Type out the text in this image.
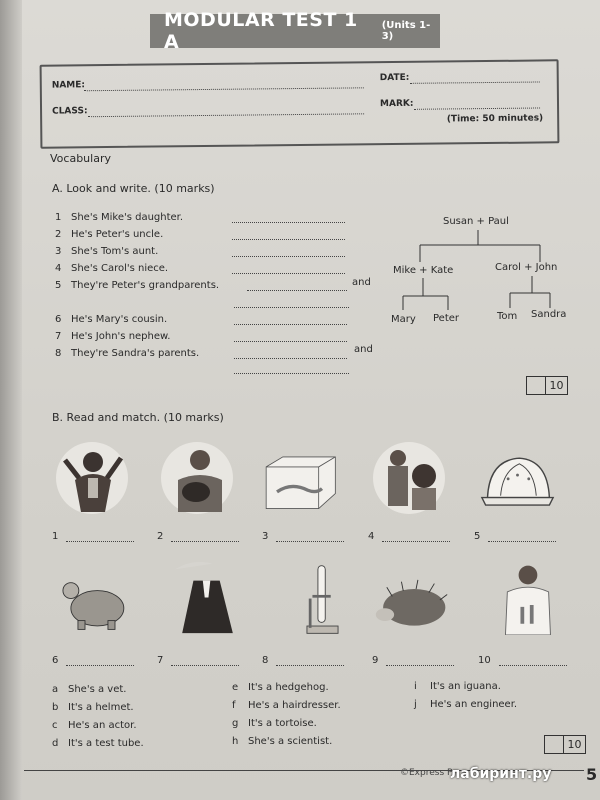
MODULAR TEST 1 A
(Units 1-3)
NAME:
DATE:
CLASS:
MARK:
(Time: 50 minutes)
Vocabulary
A. Look and write. (10 marks)
1 She's Mike's daughter.
2 He's Peter's uncle.
3 She's Tom's aunt.
4 She's Carol's niece.
5 They're Peter's grandparents.
6 He's Mary's cousin.
7 He's John's nephew.
8 They're Sandra's parents.
and
and
Susan + Paul
Mike + Kate	Carol + John
Mary Peter	Tom Sandra
10
B. Read and match. (10 marks)
1	2	3	4	5
6	7	8	9	10
a She's a vet.
b It's a helmet.
c	He's an actor.
d It's a test tube.
e It's a hedgehog.
f	He's a hairdresser.
g It's a tortoise.
h She's a scientist.
i	It's an iguana.
j	He's an engineer.
10
©Express P
лабиринт.ру 5
